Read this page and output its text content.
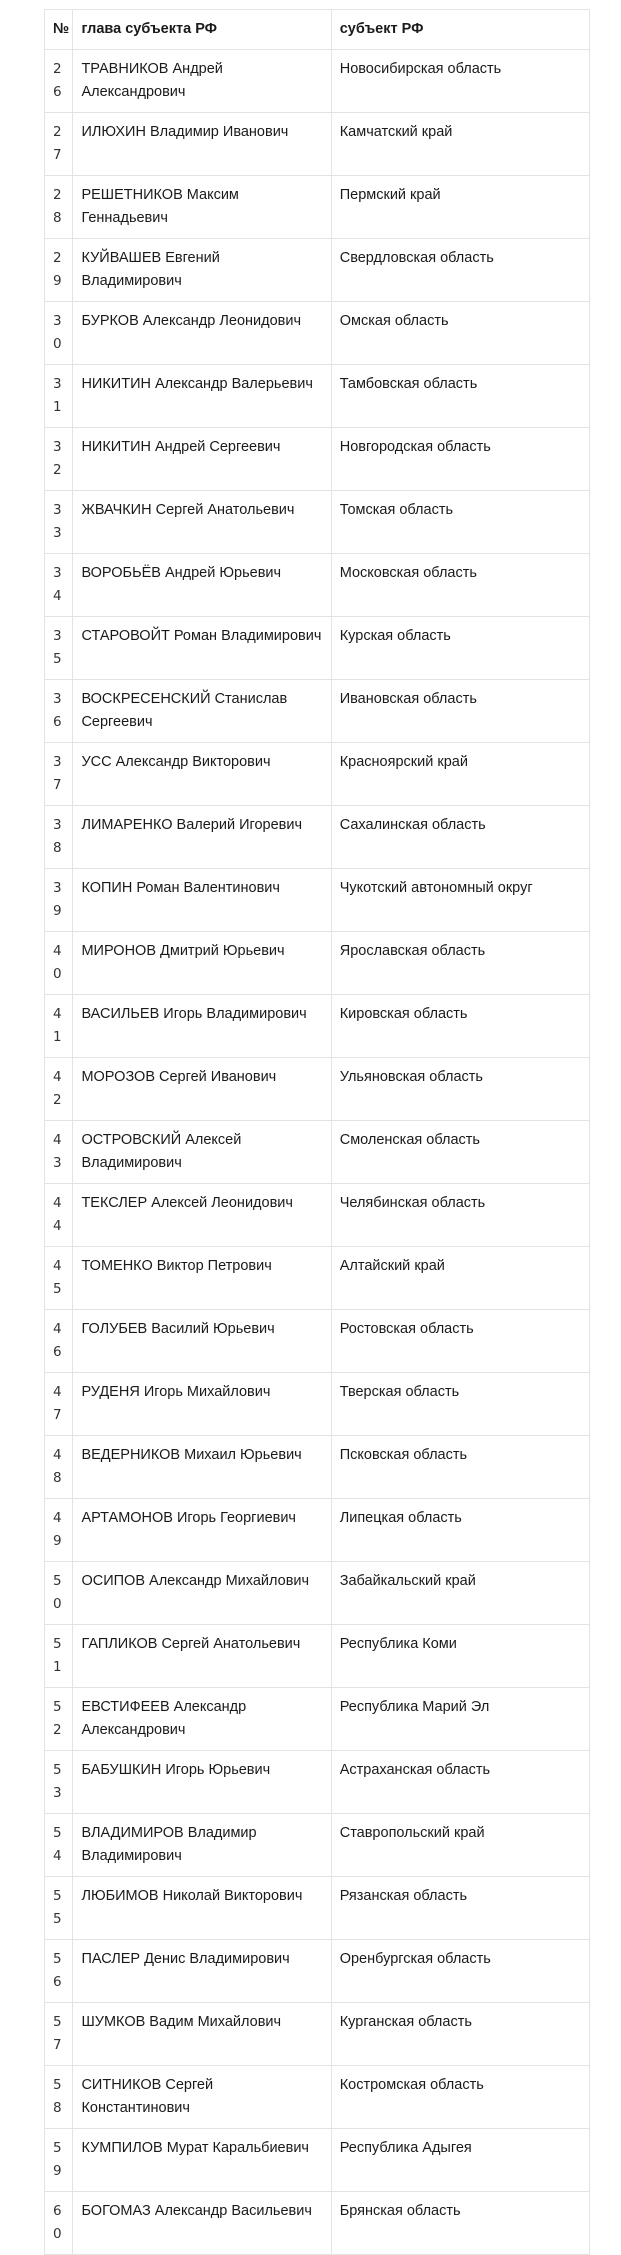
№	глава субъекта РФ	субъект РФ
26	ТРАВНИКОВ Андрей Александрович	Новосибирская область
27	ИЛЮХИН Владимир Иванович	Камчатский край
28	РЕШЕТНИКОВ Максим Геннадьевич	Пермский край
29	КУЙВАШЕВ Евгений Владимирович	Свердловская область
30	БУРКОВ Александр Леонидович	Омская область
31	НИКИТИН Александр Валерьевич	Тамбовская область
32	НИКИТИН Андрей Сергеевич	Новгородская область
33	ЖВАЧКИН Сергей Анатольевич	Томская область
34	ВОРОБЬЁВ Андрей Юрьевич	Московская область
35	СТАРОВОЙТ Роман Владимирович	Курская область
36	ВОСКРЕСЕНСКИЙ Станислав Сергеевич	Ивановская область
37	УСС Александр Викторович	Красноярский край
38	ЛИМАРЕНКО Валерий Игоревич	Сахалинская область
39	КОПИН Роман Валентинович	Чукотский автономный округ
40	МИРОНОВ Дмитрий Юрьевич	Ярославская область
41	ВАСИЛЬЕВ Игорь Владимирович	Кировская область
42	МОРОЗОВ Сергей Иванович	Ульяновская область
43	ОСТРОВСКИЙ Алексей Владимирович	Смоленская область
44	ТЕКСЛЕР Алексей Леонидович	Челябинская область
45	ТОМЕНКО Виктор Петрович	Алтайский край
46	ГОЛУБЕВ Василий Юрьевич	Ростовская область
47	РУДЕНЯ Игорь Михайлович	Тверская область
48	ВЕДЕРНИКОВ Михаил Юрьевич	Псковская область
49	АРТАМОНОВ Игорь Георгиевич	Липецкая область
50	ОСИПОВ Александр Михайлович	Забайкальский край
51	ГАПЛИКОВ Сергей Анатольевич	Республика Коми
52	ЕВСТИФЕЕВ Александр Александрович	Республика Марий Эл
53	БАБУШКИН Игорь Юрьевич	Астраханская область
54	ВЛАДИМИРОВ Владимир Владимирович	Ставропольский край
55	ЛЮБИМОВ Николай Викторович	Рязанская область
56	ПАСЛЕР Денис Владимирович	Оренбургская область
57	ШУМКОВ Вадим Михайлович	Курганская область
58	СИТНИКОВ Сергей Константинович	Костромская область
59	КУМПИЛОВ Мурат Каральбиевич	Республика Адыгея
60	БОГОМАЗ Александр Васильевич	Брянская область
